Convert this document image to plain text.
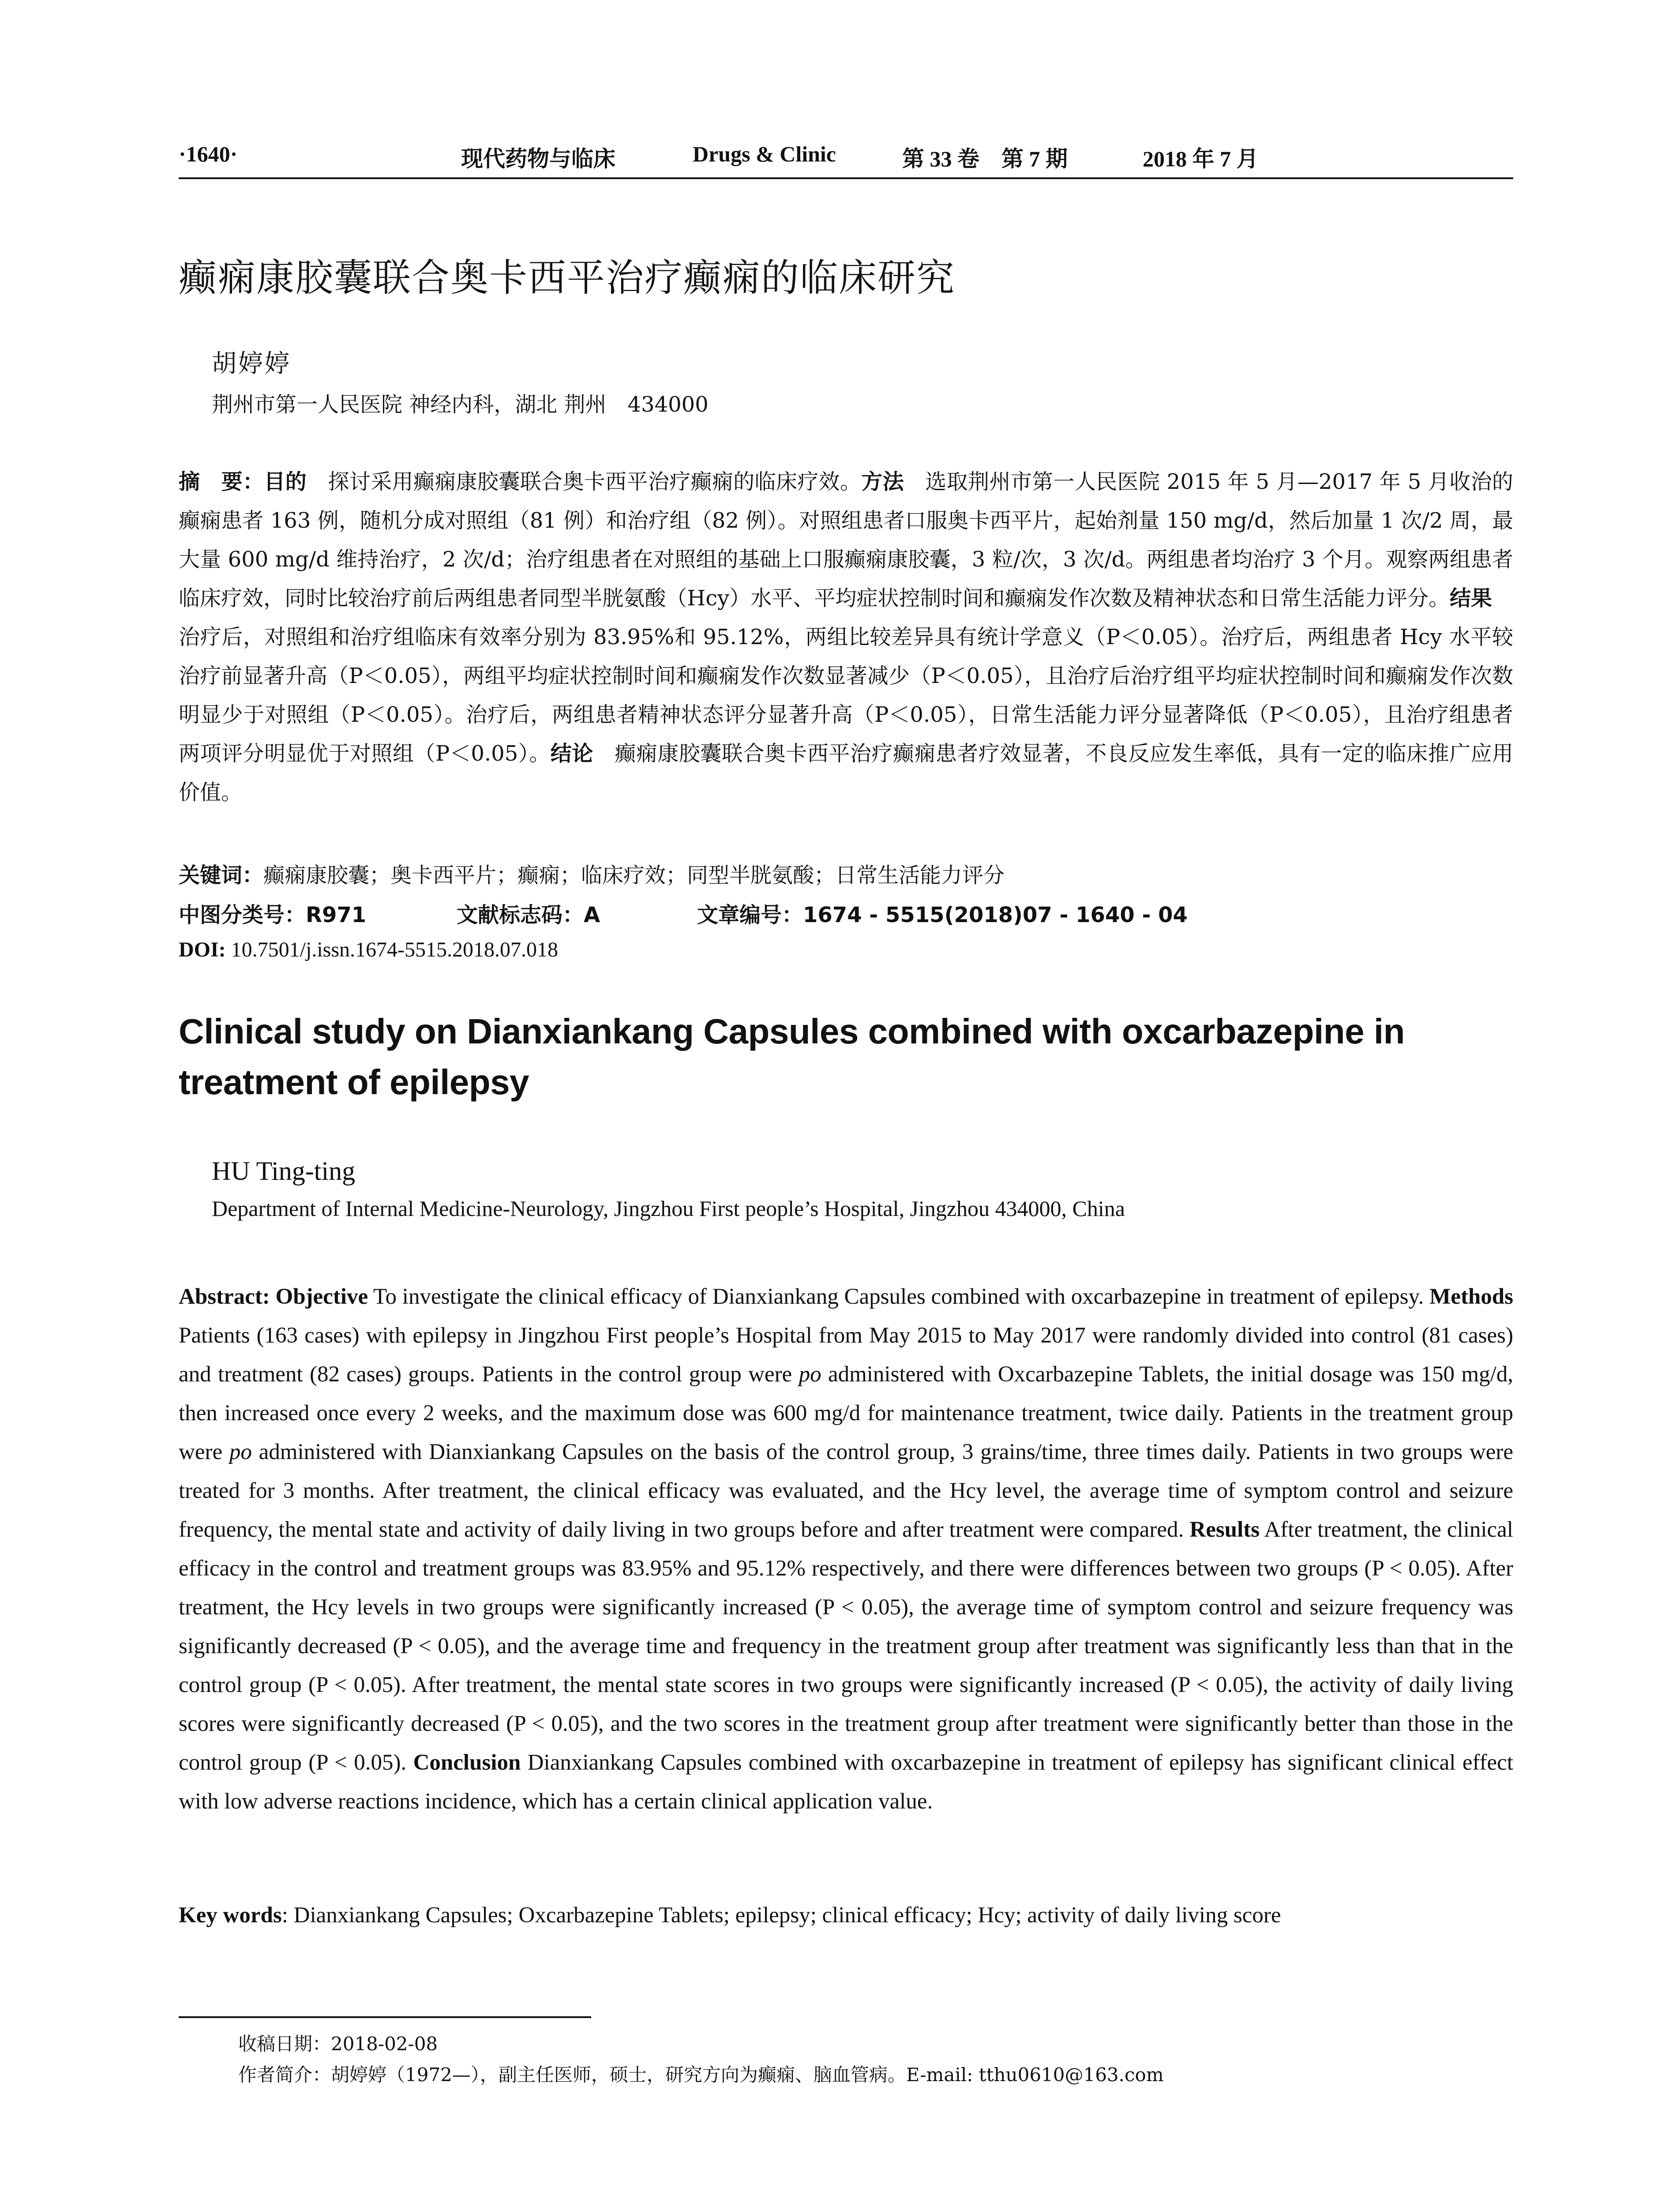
·1640·	现代药物与临床	Drugs & Clinic	第 33 卷　第 7 期	2018 年 7 月
癫痫康胶囊联合奥卡西平治疗癫痫的临床研究
胡婷婷
荆州市第一人民医院 神经内科，湖北 荆州　434000
摘　要：目的　探讨采用癫痫康胶囊联合奥卡西平治疗癫痫的临床疗效。方法　选取荆州市第一人民医院 2015 年 5 月—2017 年 5 月收治的癫痫患者 163 例，随机分成对照组（81 例）和治疗组（82 例）。对照组患者口服奥卡西平片，起始剂量 150 mg/d，然后加量 1 次/2 周，最大量 600 mg/d 维持治疗，2 次/d；治疗组患者在对照组的基础上口服癫痫康胶囊，3 粒/次，3 次/d。两组患者均治疗 3 个月。观察两组患者临床疗效，同时比较治疗前后两组患者同型半胱氨酸（Hcy）水平、平均症状控制时间和癫痫发作次数及精神状态和日常生活能力评分。结果　治疗后，对照组和治疗组临床有效率分别为 83.95%和 95.12%，两组比较差异具有统计学意义（P＜0.05）。治疗后，两组患者 Hcy 水平较治疗前显著升高（P＜0.05），两组平均症状控制时间和癫痫发作次数显著减少（P＜0.05），且治疗后治疗组平均症状控制时间和癫痫发作次数明显少于对照组（P＜0.05）。治疗后，两组患者精神状态评分显著升高（P＜0.05），日常生活能力评分显著降低（P＜0.05），且治疗组患者两项评分明显优于对照组（P＜0.05）。结论　癫痫康胶囊联合奥卡西平治疗癫痫患者疗效显著，不良反应发生率低，具有一定的临床推广应用价值。
关键词：癫痫康胶囊；奥卡西平片；癫痫；临床疗效；同型半胱氨酸；日常生活能力评分
中图分类号：R971	文献标志码：A	文章编号：1674 - 5515(2018)07 - 1640 - 04
DOI: 10.7501/j.issn.1674-5515.2018.07.018
Clinical study on Dianxiankang Capsules combined with oxcarbazepine in treatment of epilepsy
HU Ting-ting
Department of Internal Medicine-Neurology, Jingzhou First people’s Hospital, Jingzhou 434000, China
Abstract: Objective To investigate the clinical efficacy of Dianxiankang Capsules combined with oxcarbazepine in treatment of epilepsy. Methods Patients (163 cases) with epilepsy in Jingzhou First people’s Hospital from May 2015 to May 2017 were randomly divided into control (81 cases) and treatment (82 cases) groups. Patients in the control group were po administered with Oxcarbazepine Tablets, the initial dosage was 150 mg/d, then increased once every 2 weeks, and the maximum dose was 600 mg/d for maintenance treatment, twice daily. Patients in the treatment group were po administered with Dianxiankang Capsules on the basis of the control group, 3 grains/time, three times daily. Patients in two groups were treated for 3 months. After treatment, the clinical efficacy was evaluated, and the Hcy level, the average time of symptom control and seizure frequency, the mental state and activity of daily living in two groups before and after treatment were compared. Results After treatment, the clinical efficacy in the control and treatment groups was 83.95% and 95.12% respectively, and there were differences between two groups (P < 0.05). After treatment, the Hcy levels in two groups were significantly increased (P < 0.05), the average time of symptom control and seizure frequency was significantly decreased (P < 0.05), and the average time and frequency in the treatment group after treatment was significantly less than that in the control group (P < 0.05). After treatment, the mental state scores in two groups were significantly increased (P < 0.05), the activity of daily living scores were significantly decreased (P < 0.05), and the two scores in the treatment group after treatment were significantly better than those in the control group (P < 0.05). Conclusion Dianxiankang Capsules combined with oxcarbazepine in treatment of epilepsy has significant clinical effect with low adverse reactions incidence, which has a certain clinical application value.
Key words: Dianxiankang Capsules; Oxcarbazepine Tablets; epilepsy; clinical efficacy; Hcy; activity of daily living score
收稿日期：2018-02-08
作者简介：胡婷婷（1972—），副主任医师，硕士，研究方向为癫痫、脑血管病。E-mail: tthu0610@163.com
